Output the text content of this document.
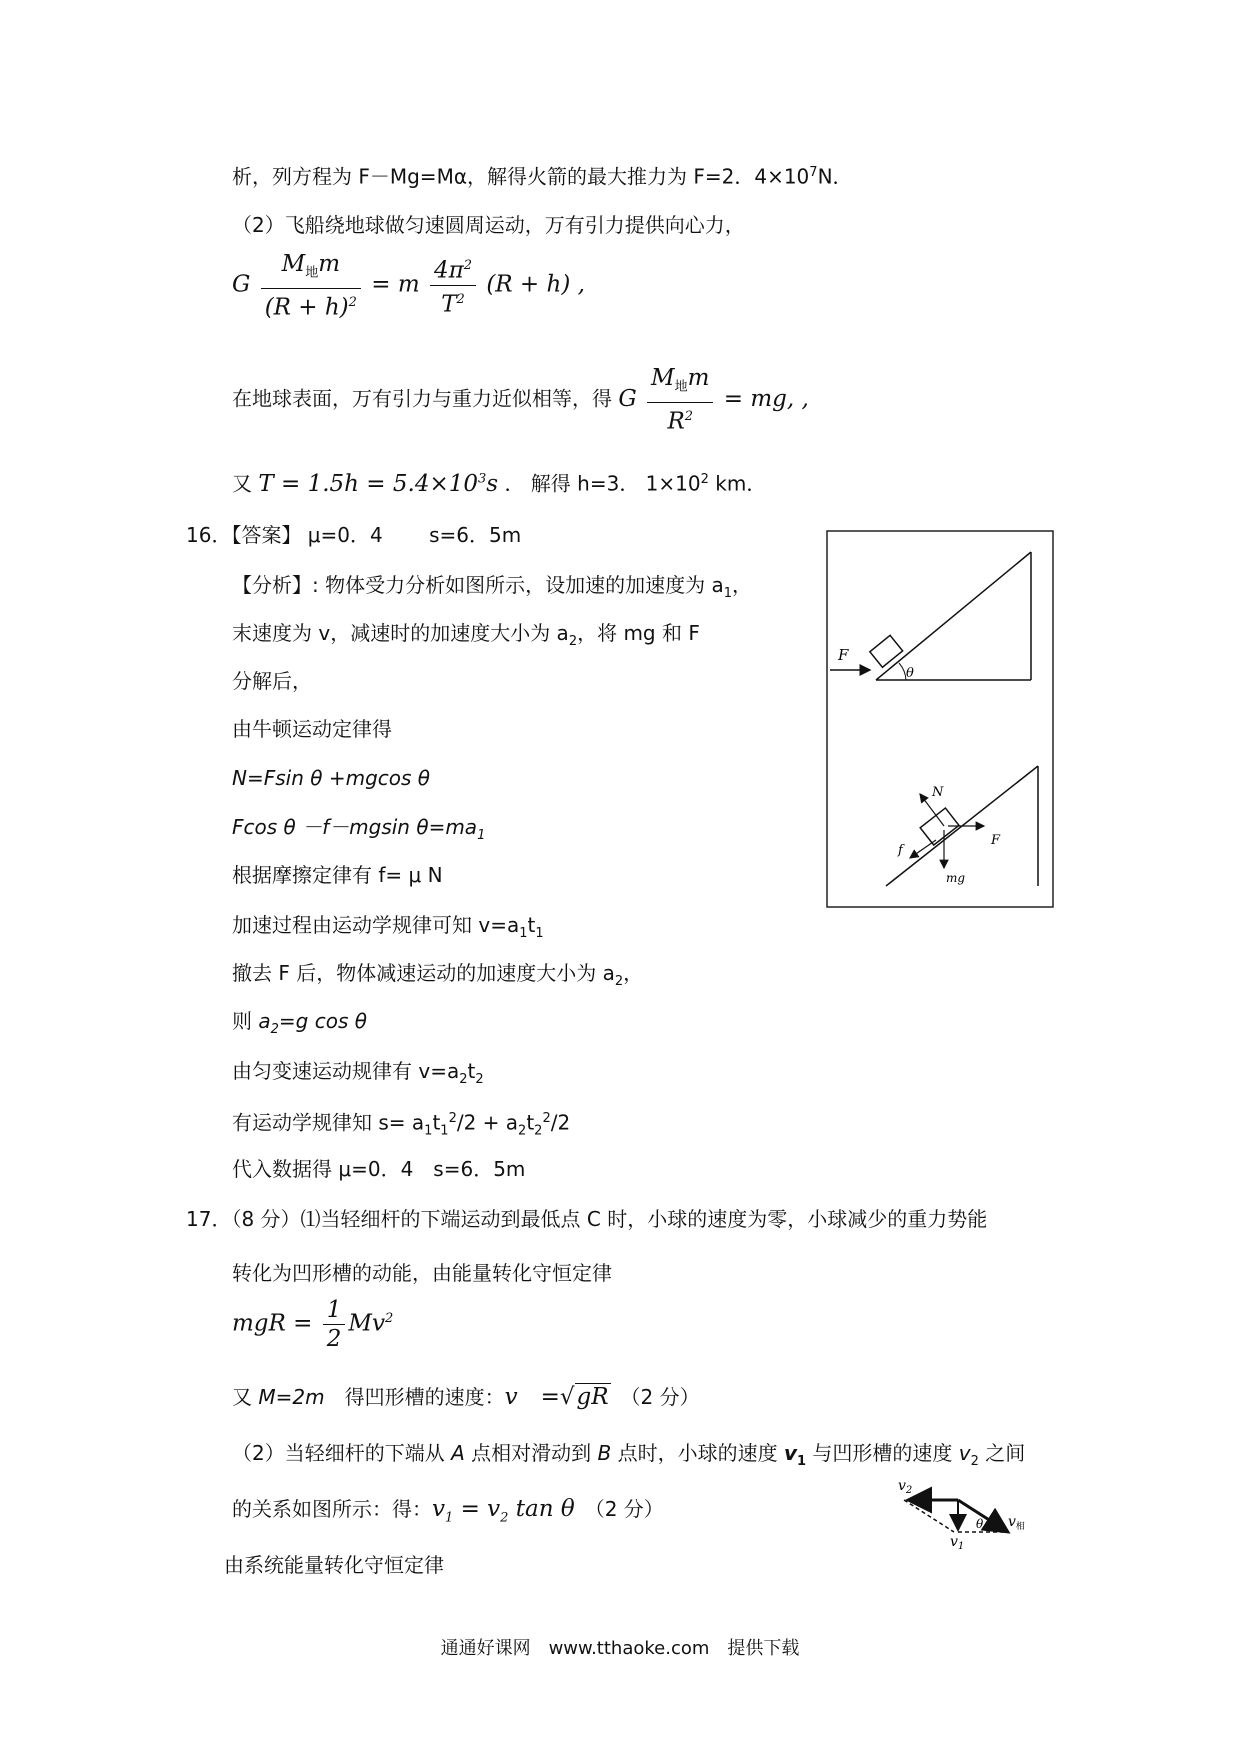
析，列方程为 F－Mg=Mα，解得火箭的最大推力为 F=2．$4\times 10^7N$．
（2）飞船绕地球做匀速圆周运动，万有引力提供向心力，
G $\frac{M_地m}{(R + h)^2} = m \frac{4\pi^2}{T^2} (R + h)$ ,
在地球表面，万有引力与重力近似相等，得 G $\frac{M_地m}{R^2}$ = mg, ,
又 $T = 1.5h = 5.4\times 10^3s$ ． 解得 h=3． $1\times 10^2$ km．
16．【答案】 μ=0．4　　 s=6．5m
【分析】: 物体受力分析如图所示，设加速的加速度为 $a_1$，
末速度为 v，减速时的加速度大小为 $a_2$，将 mg 和 F
分解后，
由牛顿运动定律得
N=Fsin θ +mgcos θ
Fcos θ －f－mgsin $\theta=ma_1$
根据摩擦定律有 f= μ N
加速过程由运动学规律可知 $v=a_1t_1$
撤去 F 后，物体减速运动的加速度大小为 $a_2$，
则 $a_2=g$ cos θ
由匀变速运动规律有 $v=a_2t_2$
有运动学规律知 $s= a_1t_1^2/2 + a_2t_2^2/2$
代入数据得 μ=0．4　s=6．5m
F
θ
N
F
f
mg
17．（8 分）⑴当轻细杆的下端运动到最低点 C 时，小球的速度为零，小球减少的重力势能
转化为凹形槽的动能，由能量转化守恒定律
mgR = $\frac{1}{2} Mv^2$
又 M=2m　得凹形槽的速度：v　=√gR　（2 分）
（2）当轻细杆的下端从 A 点相对滑动到 B 点时，小球的速度 $v_1$ 与凹形槽的速度 $v_2$ 之间
的关系如图所示：得：$v_1 = v_2$ tan θ　（2 分）
由系统能量转化守恒定律
$v_2$
$v_1$
$v_相$
θ
通通好课网　www.tthaoke.com　提供下载
